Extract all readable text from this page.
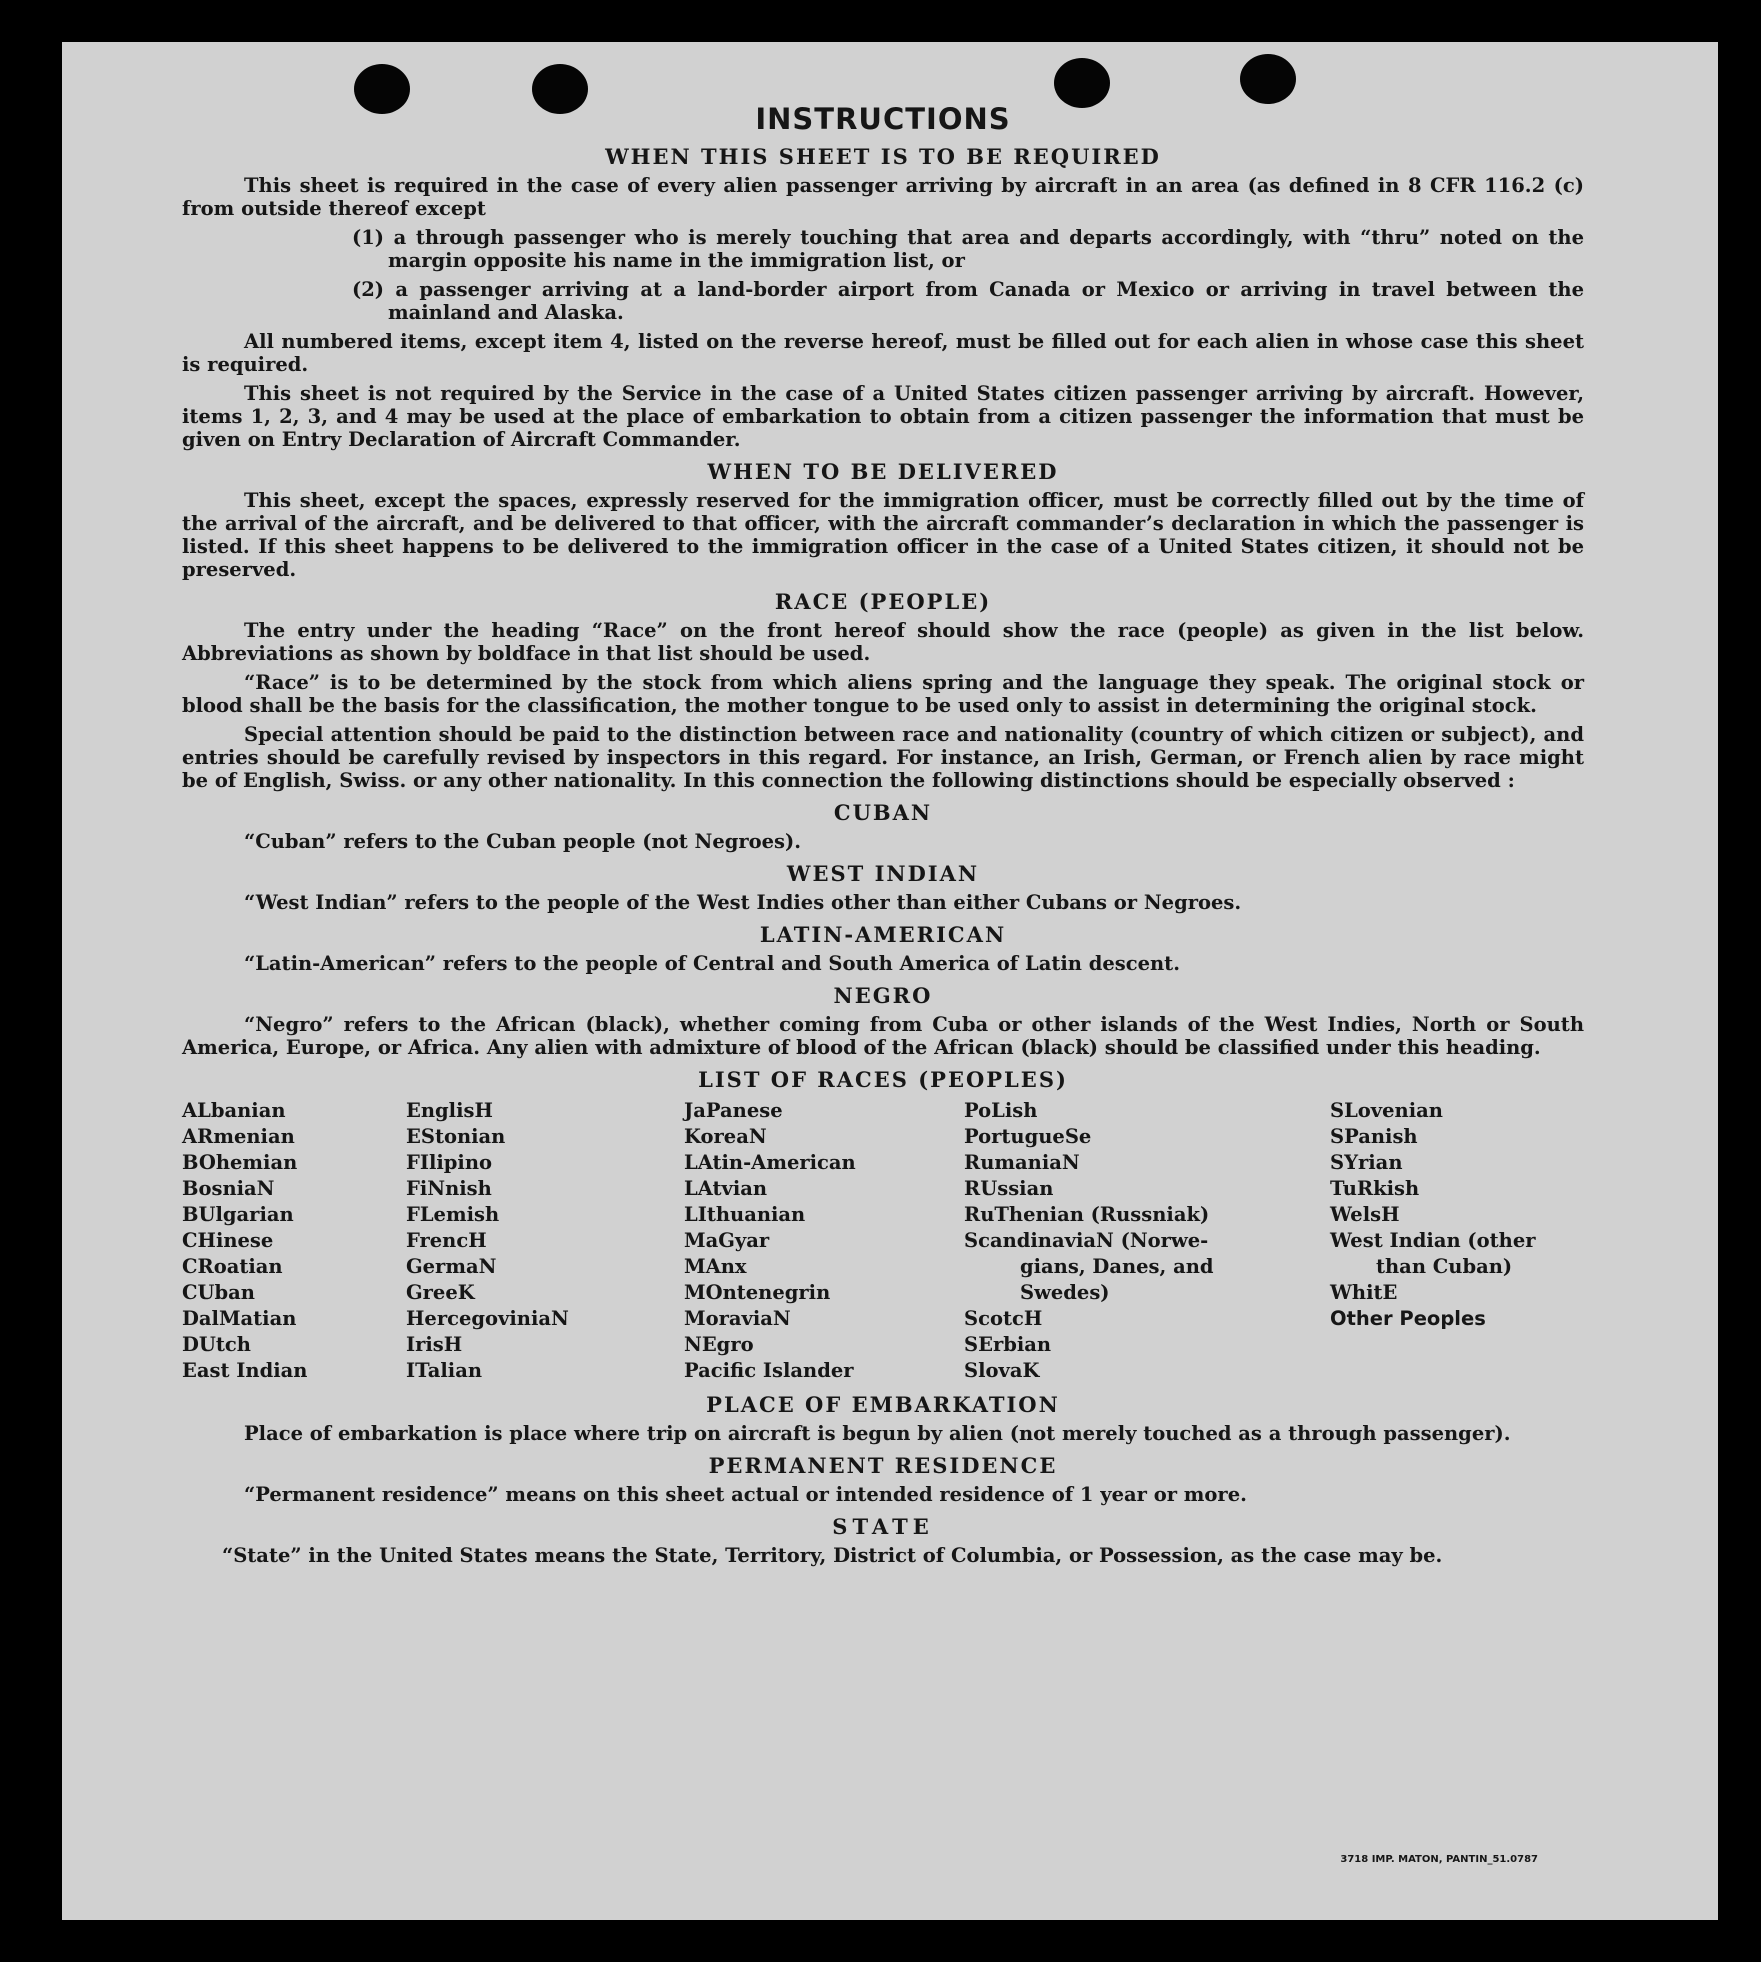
INSTRUCTIONS
WHEN THIS SHEET IS TO BE REQUIRED

This sheet is required in the case of every alien passenger arriving by aircraft in an area (as defined in 8 CFR 116.2 (c) from outside thereof except

(1) a through passenger who is merely touching that area and departs accordingly, with “thru” noted on the margin opposite his name in the immigration list, or

(2) a passenger arriving at a land-border airport from Canada or Mexico or arriving in travel between the mainland and Alaska.

All numbered items, except item 4, listed on the reverse hereof, must be filled out for each alien in whose case this sheet is required.

This sheet is not required by the Service in the case of a United States citizen passenger arriving by aircraft. However, items 1, 2, 3, and 4 may be used at the place of embarkation to obtain from a citizen passenger the information that must be given on Entry Declaration of Aircraft Commander.

WHEN TO BE DELIVERED

This sheet, except the spaces, expressly reserved for the immigration officer, must be correctly filled out by the time of the arrival of the aircraft, and be delivered to that officer, with the aircraft commander’s declaration in which the passenger is listed. If this sheet happens to be delivered to the immigration officer in the case of a United States citizen, it should not be preserved.

RACE (PEOPLE)

The entry under the heading “Race” on the front hereof should show the race (people) as given in the list below. Abbreviations as shown by boldface in that list should be used.

“Race” is to be determined by the stock from which aliens spring and the language they speak. The original stock or blood shall be the basis for the classification, the mother tongue to be used only to assist in determining the original stock.

Special attention should be paid to the distinction between race and nationality (country of which citizen or subject), and entries should be carefully revised by inspectors in this regard. For instance, an Irish, German, or French alien by race might be of English, Swiss. or any other nationality. In this connection the following distinctions should be especially observed :

CUBAN
“Cuban” refers to the Cuban people (not Negroes).
WEST INDIAN
“West Indian” refers to the people of the West Indies other than either Cubans or Negroes.
LATIN-AMERICAN
“Latin-American” refers to the people of Central and South America of Latin descent.
NEGRO

“Negro” refers to the African (black), whether coming from Cuba or other islands of the West Indies, North or South America, Europe, or Africa. Any alien with admixture of blood of the African (black) should be classified under this heading.

LIST OF RACES (PEOPLES)
ALbanian
ARmenian
BOhemian
BosniaN
BUlgarian
CHinese
CRoatian
CUban
DalMatian
DUtch
East Indian
EnglisH
EStonian
FIlipino
FiNnish
FLemish
FrencH
GermaN
GreeK
HercegoviniaN
IrisH
ITalian
JaPanese
KoreaN
LAtin-American
LAtvian
LIthuanian
MaGyar
MAnx
MOntenegrin
MoraviaN
NEgro
Pacific Islander
PoLish
PortugueSe
RumaniaN
RUssian
RuThenian (Russniak)
ScandinaviaN (Norwe-
gians, Danes, and
Swedes)
ScotcH
SErbian
SlovaK
SLovenian
SPanish
SYrian
TuRkish
WelsH
West Indian (other
than Cuban)
WhitE
Other Peoples
PLACE OF EMBARKATION

Place of embarkation is place where trip on aircraft is begun by alien (not merely touched as a through passenger).

PERMANENT RESIDENCE
“Permanent residence” means on this sheet actual or intended residence of 1 year or more.
STATE
“State” in the United States means the State, Territory, District of Columbia, or Possession, as the case may be.
3718 IMP. MATON, PANTIN_51.0787
